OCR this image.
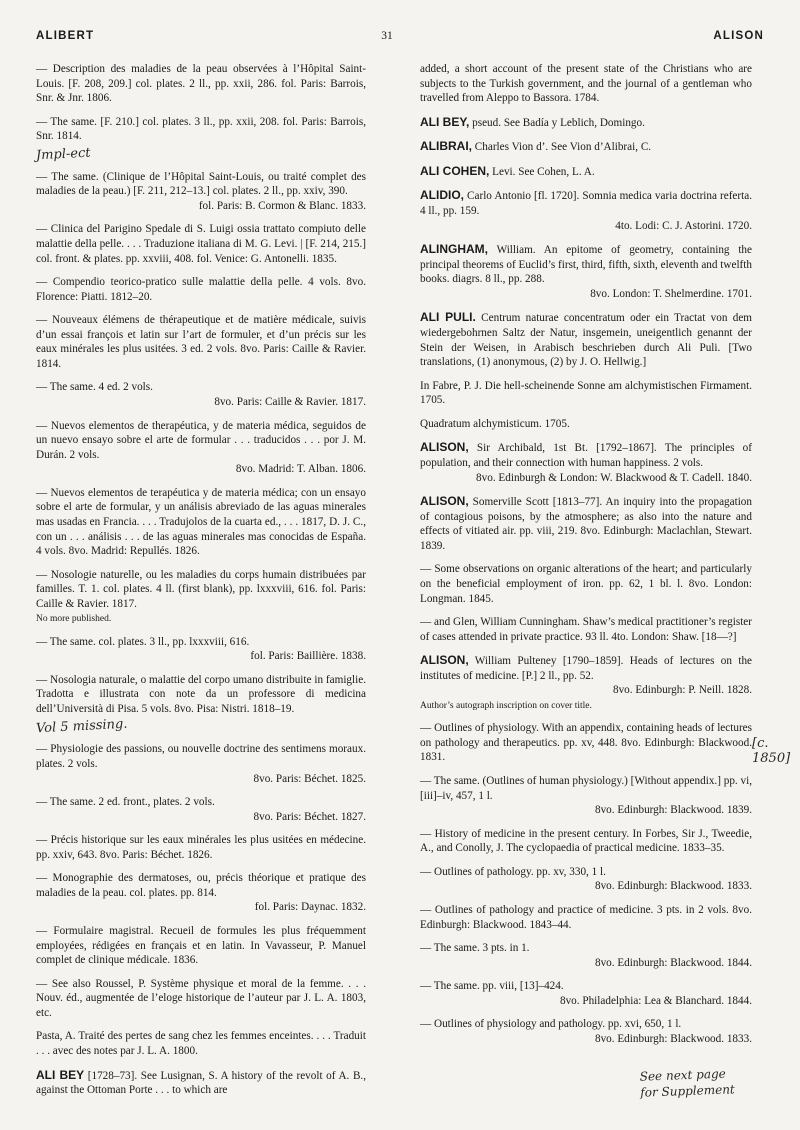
ALIBERT	31	ALISON

— Description des maladies de la peau observées à l’Hôpital Saint-Louis. [F. 208, 209.] col. plates. 2 ll., pp. xxii, 286. fol. Paris: Barrois, Snr. & Jnr. 1806.

— The same. [F. 210.] col. plates. 3 ll., pp. xxii, 208. fol. Paris: Barrois, Snr. 1814.

Jmpl-ect

— The same. (Clinique de l’Hôpital Saint-Louis, ou traité complet des maladies de la peau.) [F. 211, 212–13.] col. plates. 2 ll., pp. xxiv, 390.

fol. Paris: B. Cormon & Blanc. 1833.

— Clinica del Parigino Spedale di S. Luigi ossia trattato compiuto delle malattie della pelle. . . . Traduzione italiana di M. G. Levi. | [F. 214, 215.] col. front. & plates. pp. xxviii, 408. fol. Venice: G. Antonelli. 1835.

— Compendio teorico-pratico sulle malattie della pelle. 4 vols. 8vo. Florence: Piatti. 1812–20.

— Nouveaux élémens de thérapeutique et de matière médicale, suivis d’un essai françois et latin sur l’art de formuler, et d’un précis sur les eaux minérales les plus usitées. 3 ed. 2 vols. 8vo. Paris: Caille & Ravier. 1814.

— The same. 4 ed. 2 vols.

8vo. Paris: Caille & Ravier. 1817.

— Nuevos elementos de therapéutica, y de materia médica, seguidos de un nuevo ensayo sobre el arte de formular . . . traducidos . . . por J. M. Durán. 2 vols.

8vo. Madrid: T. Alban. 1806.

— Nuevos elementos de terapéutica y de materia médica; con un ensayo sobre el arte de formular, y un análisis abreviado de las aguas minerales mas usadas en Francia. . . . Tradujolos de la cuarta ed., . . . 1817, D. J. C., con un . . . análisis . . . de las aguas minerales mas conocidas de España. 4 vols. 8vo. Madrid: Repullés. 1826.

— Nosologie naturelle, ou les maladies du corps humain distribuées par familles. T. 1. col. plates. 4 ll. (first blank), pp. lxxxviii, 616. fol. Paris: Caille & Ravier. 1817.

No more published.

— The same. col. plates. 3 ll., pp. lxxxviii, 616.

fol. Paris: Baillière. 1838.

— Nosologia naturale, o malattie del corpo umano distribuite in famiglie. Tradotta e illustrata con note da un professore di medicina dell’Università di Pisa. 5 vols. 8vo. Pisa: Nistri. 1818–19.

Vol 5 missing.

— Physiologie des passions, ou nouvelle doctrine des sentimens moraux. plates. 2 vols.

8vo. Paris: Béchet. 1825.

— The same. 2 ed. front., plates. 2 vols.

8vo. Paris: Béchet. 1827.

— Précis historique sur les eaux minérales les plus usitées en médecine. pp. xxiv, 643. 8vo. Paris: Béchet. 1826.

— Monographie des dermatoses, ou, précis théorique et pratique des maladies de la peau. col. plates. pp. 814.

fol. Paris: Daynac. 1832.

— Formulaire magistral. Recueil de formules les plus fréquemment employées, rédigées en français et en latin. In Vavasseur, P. Manuel complet de clinique médicale. 1836.

— See also Roussel, P. Système physique et moral de la femme. . . . Nouv. éd., augmentée de l’eloge historique de l’auteur par J. L. A. 1803, etc.

Pasta, A. Traité des pertes de sang chez les femmes enceintes. . . . Traduit . . . avec des notes par J. L. A. 1800.

ALI BEY [1728–73]. See Lusignan, S. A history of the revolt of A. B., against the Ottoman Porte . . . to which are

added, a short account of the present state of the Christians who are subjects to the Turkish government, and the journal of a gentleman who travelled from Aleppo to Bassora. 1784.

ALI BEY, pseud. See Badía y Leblich, Domingo.

ALIBRAI, Charles Vion d’. See Vion d’Alibrai, C.

ALI COHEN, Levi. See Cohen, L. A.

ALIDIO, Carlo Antonio [fl. 1720]. Somnia medica varia doctrina referta. 4 ll., pp. 159.

4to. Lodi: C. J. Astorini. 1720.

ALINGHAM, William. An epitome of geometry, containing the principal theorems of Euclid’s first, third, fifth, sixth, eleventh and twelfth books. diagrs. 8 ll., pp. 288.

8vo. London: T. Shelmerdine. 1701.

ALI PULI. Centrum naturae concentratum oder ein Tractat von dem wiedergebohrnen Saltz der Natur, insgemein, uneigentlich genannt der Stein der Weisen, in Arabisch beschrieben durch Ali Puli. [Two translations, (1) anonymous, (2) by J. O. Hellwig.]

In Fabre, P. J. Die hell-scheinende Sonne am alchymistischen Firmament. 1705.

Quadratum alchymisticum. 1705.

ALISON, Sir Archibald, 1st Bt. [1792–1867]. The principles of population, and their connection with human happiness. 2 vols.

8vo. Edinburgh & London: W. Blackwood & T. Cadell. 1840.

ALISON, Somerville Scott [1813–77]. An inquiry into the propagation of contagious poisons, by the atmosphere; as also into the nature and effects of vitiated air. pp. viii, 219. 8vo. Edinburgh: Maclachlan, Stewart. 1839.

— Some observations on organic alterations of the heart; and particularly on the beneficial employment of iron. pp. 62, 1 bl. l. 8vo. London: Longman. 1845.

— and Glen, William Cunningham. Shaw’s medical practitioner’s register of cases attended in private practice. 93 ll. 4to. London: Shaw. [18—?]

ALISON, William Pulteney [1790–1859]. Heads of lectures on the institutes of medicine. [P.] 2 ll., pp. 52.

8vo. Edinburgh: P. Neill. 1828.

Author’s autograph inscription on cover title.

— Outlines of physiology. With an appendix, containing heads of lectures on pathology and therapeutics. pp. xv, 448. 8vo. Edinburgh: Blackwood. 1831.

— The same. (Outlines of human physiology.) [Without appendix.] pp. vi, [iii]–iv, 457, 1 l.

8vo. Edinburgh: Blackwood. 1839.

— History of medicine in the present century. In Forbes, Sir J., Tweedie, A., and Conolly, J. The cyclopaedia of practical medicine. 1833–35.

— Outlines of pathology. pp. xv, 330, 1 l.

8vo. Edinburgh: Blackwood. 1833.

— Outlines of pathology and practice of medicine. 3 pts. in 2 vols. 8vo. Edinburgh: Blackwood. 1843–44.

— The same. 3 pts. in 1.

8vo. Edinburgh: Blackwood. 1844.

— The same. pp. viii, [13]–424.

8vo. Philadelphia: Lea & Blanchard. 1844.

— Outlines of physiology and pathology. pp. xvi, 650, 1 l.

8vo. Edinburgh: Blackwood. 1833.

[c. 1850]
See next page
for Supplement
